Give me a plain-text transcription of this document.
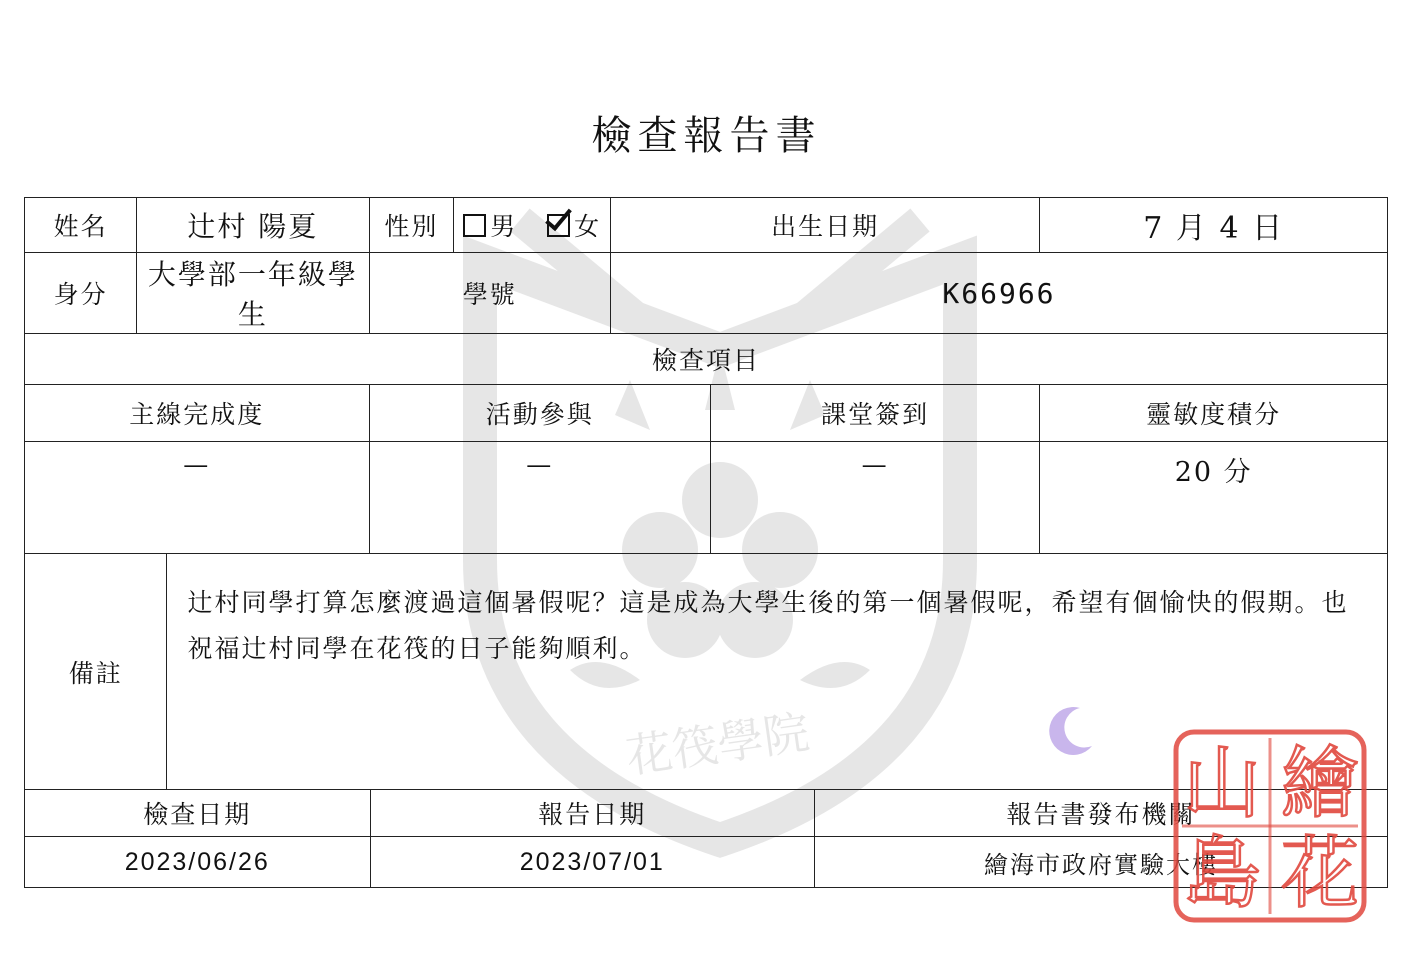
檢查報告書
花筏學院
姓名	辻村 陽夏		性別	男 女	出生日期			7 月 4 日
身分	大學部一年級學生		學號		K66966			
檢查項目								
主線完成度			活動參與			課堂簽到		靈敏度積分
—			—			—		20 分
備註		辻村同學打算怎麼渡過這個暑假呢？這是成為大學生後的第一個暑假呢，希望有個愉快的假期。也祝福辻村同學在花筏的日子能夠順利。						
檢查日期			報告日期				報告書發布機關	
2023/06/26			2023/07/01				繪海市政府實驗大樓	
繪
花
山
島
